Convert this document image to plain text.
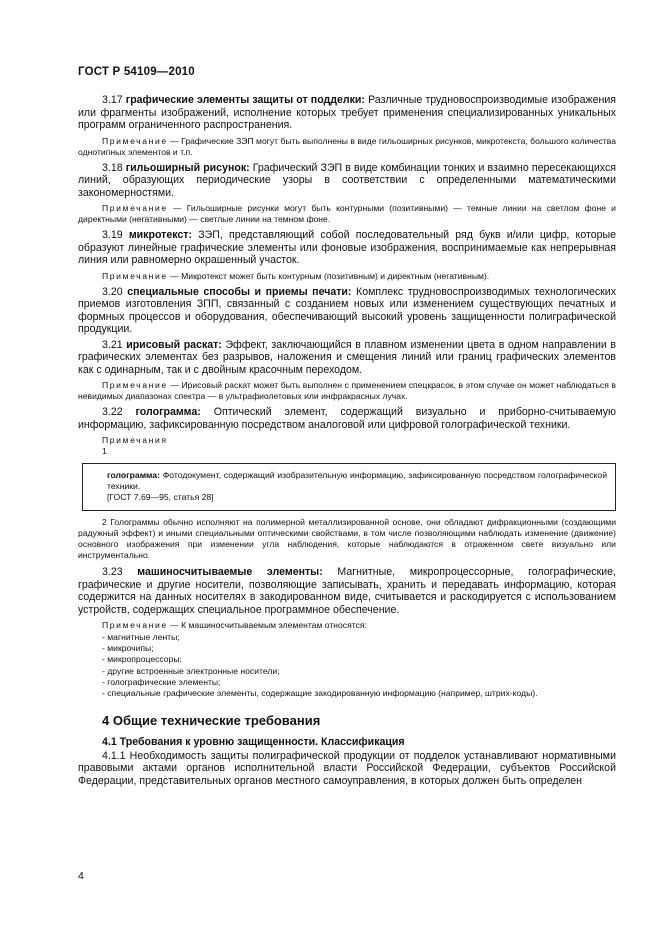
ГОСТ Р 54109—2010

3.17 графические элементы защиты от подделки: Различные трудновоспроизводимые изображения или фрагменты изображений, исполнение которых требует применения специализированных уникальных программ ограниченного распространения.

Примечание — Графические ЗЭП могут быть выполнены в виде гильоширных рисунков, микротекста, большого количества однотипных элементов и т.п.

3.18 гильоширный рисунок: Графический ЗЭП в виде комбинации тонких и взаимно пересекающихся линий, образующих периодические узоры в соответствии с определенными математическими закономерностями.

Примечание — Гильоширные рисунки могут быть контурными (позитивными) — темные линии на светлом фоне и директными (негативными) — светлые линии на темном фоне.

3.19 микротекст: ЗЭП, представляющий собой последовательный ряд букв и/или цифр, которые образуют линейные графические элементы или фоновые изображения, воспринимаемые как непрерывная линия или равномерно окрашенный участок.

Примечание — Микротекст может быть контурным (позитивным) и директным (негативным).

3.20 специальные способы и приемы печати: Комплекс трудновоспроизводимых технологических приемов изготовления ЗПП, связанный с созданием новых или изменением существующих печатных и формных процессов и оборудования, обеспечивающий высокий уровень защищенности полиграфической продукции.

3.21 ирисовый раскат: Эффект, заключающийся в плавном изменении цвета в одном направлении в графических элементах без разрывов, наложения и смещения линий или границ графических элементов как с одинарным, так и с двойным красочным переходом.

Примечание — Ирисовый раскат может быть выполнен с применением спецкрасок, в этом случае он может наблюдаться в невидимых диапазонах спектра — в ультрафиолетовых или инфракрасных лучах.

3.22 голограмма: Оптический элемент, содержащий визуально и приборно-считываемую информацию, зафиксированную посредством аналоговой или цифровой голографической техники.

Примечания

1

голограмма: Фотодокумент, содержащий изобразительную информацию, зафиксированную посредством голографической техники.
[ГОСТ 7.69—95, статья 28]

2 Голограммы обычно исполняют на полимерной металлизированной основе, они обладают дифракционными (создающими радужный эффект) и иными специальными оптическими свойствами, в том числе позволяющими наблюдать изменение (движение) основного изображения при изменении угла наблюдения, которые наблюдаются в отраженном свете визуально или инструментально.

3.23 машиносчитываемые элементы: Магнитные, микропроцессорные, голографические, графические и другие носители, позволяющие записывать, хранить и передавать информацию, которая содержится на данных носителях в закодированном виде, считывается и раскодируется с использованием устройств, содержащих специальное программное обеспечение.

Примечание — К машиносчитываемым элементам относятся:

- магнитные ленты;
- микрочипы;
- микропроцессоры;
- другие встроенные электронные носители;
- голографические элементы;
- специальные графические элементы, содержащие закодированную информацию (например, штрих-коды).
4 Общие технические требования
4.1 Требования к уровню защищенности. Классификация

4.1.1 Необходимость защиты полиграфической продукции от подделок устанавливают нормативными правовыми актами органов исполнительной власти Российской Федерации, субъектов Российской Федерации, представительных органов местного самоуправления, в которых должен быть определен

4
